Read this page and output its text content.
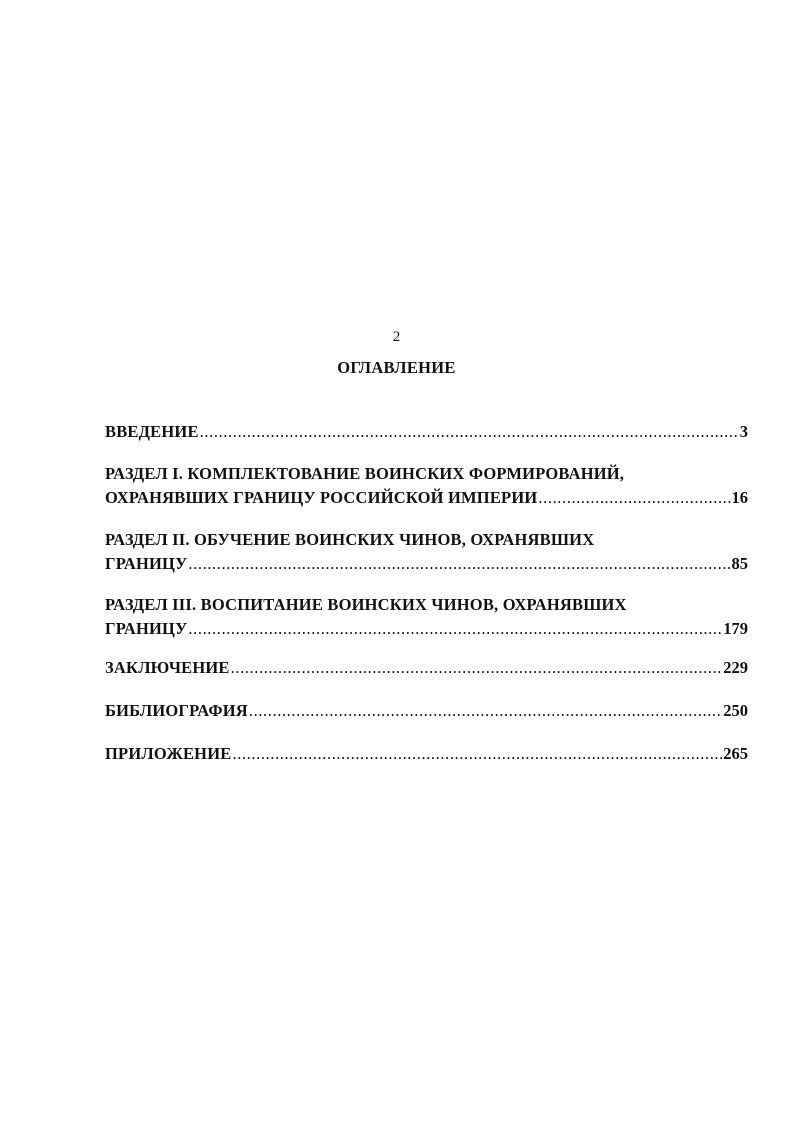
2
ОГЛАВЛЕНИЕ
ВВЕДЕНИЕ .....	3
РАЗДЕЛ I. КОМПЛЕКТОВАНИЕ ВОИНСКИХ ФОРМИРОВАНИЙ,
ОХРАНЯВШИХ ГРАНИЦУ РОССИЙСКОЙ ИМПЕРИИ .....	16
РАЗДЕЛ II. ОБУЧЕНИЕ ВОИНСКИХ ЧИНОВ, ОХРАНЯВШИХ
ГРАНИЦУ .....	85
РАЗДЕЛ III. ВОСПИТАНИЕ ВОИНСКИХ ЧИНОВ, ОХРАНЯВШИХ
ГРАНИЦУ .....	179
ЗАКЛЮЧЕНИЕ .....	229
БИБЛИОГРАФИЯ .....	250
ПРИЛОЖЕНИЕ .....	265
